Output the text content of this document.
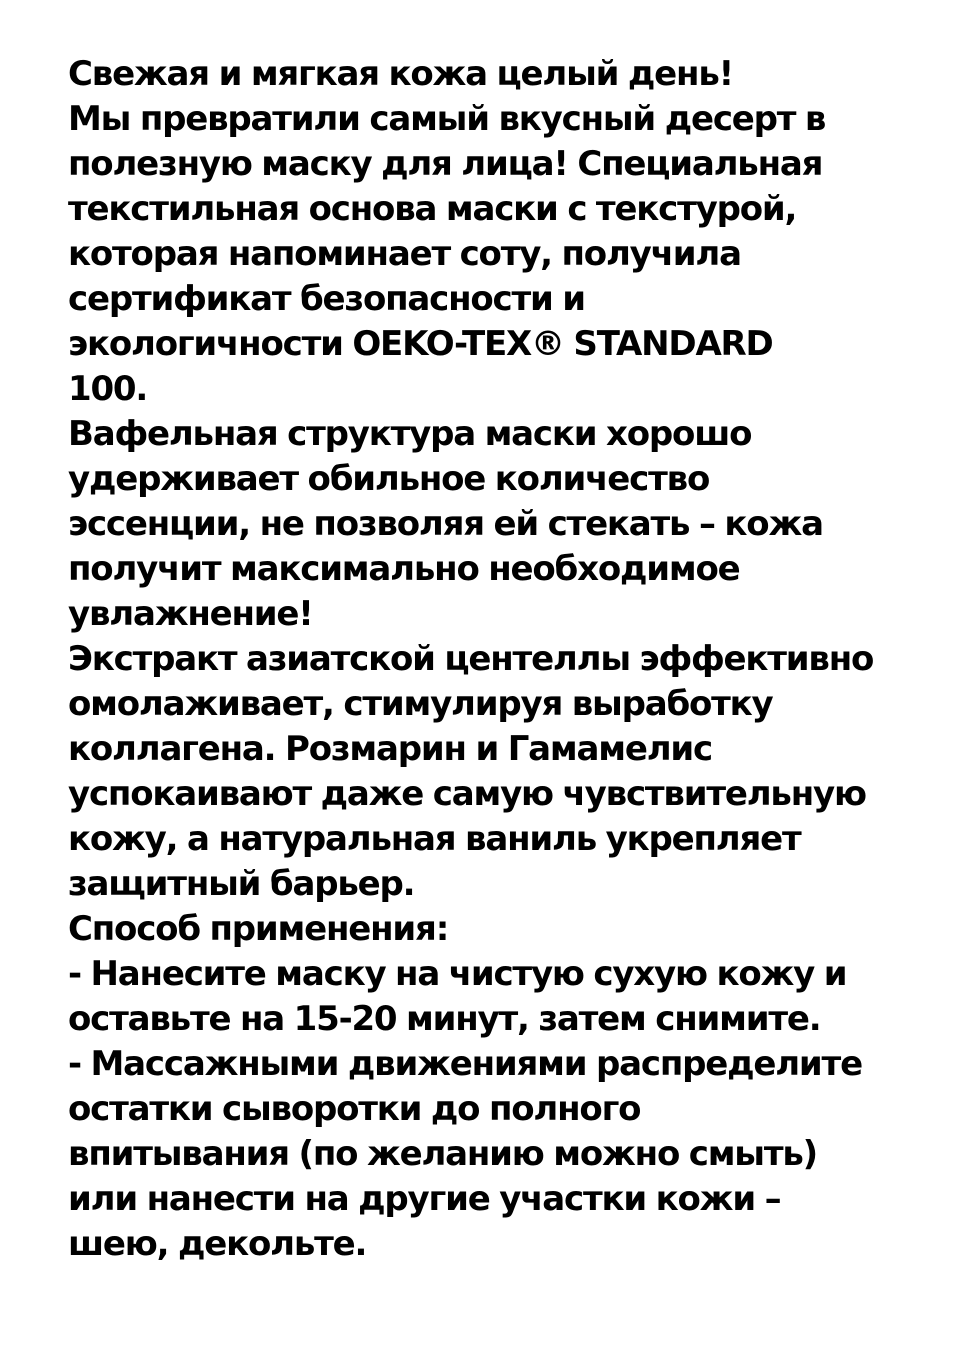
Свежая и мягкая кожа целый день!
Мы превратили самый вкусный десерт в
полезную маску для лица! Специальная
текстильная основа маски с текстурой,
которая напоминает соту, получила
сертификат безопасности и
экологичности OEKO-TEX® STANDARD
100.
Вафельная структура маски хорошо
удерживает обильное количество
эссенции, не позволяя ей стекать – кожа
получит максимально необходимое
увлажнение!
Экстракт азиатской центеллы эффективно
омолаживает, стимулируя выработку
коллагена. Розмарин и Гамамелис
успокаивают даже самую чувствительную
кожу, а натуральная ваниль укрепляет
защитный барьер.
Способ применения:
- Нанесите маску на чистую сухую кожу и
оставьте на 15-20 минут, затем снимите.
- Массажными движениями распределите
остатки сыворотки до полного
впитывания (по желанию можно смыть)
или нанести на другие участки кожи –
шею, декольте.
